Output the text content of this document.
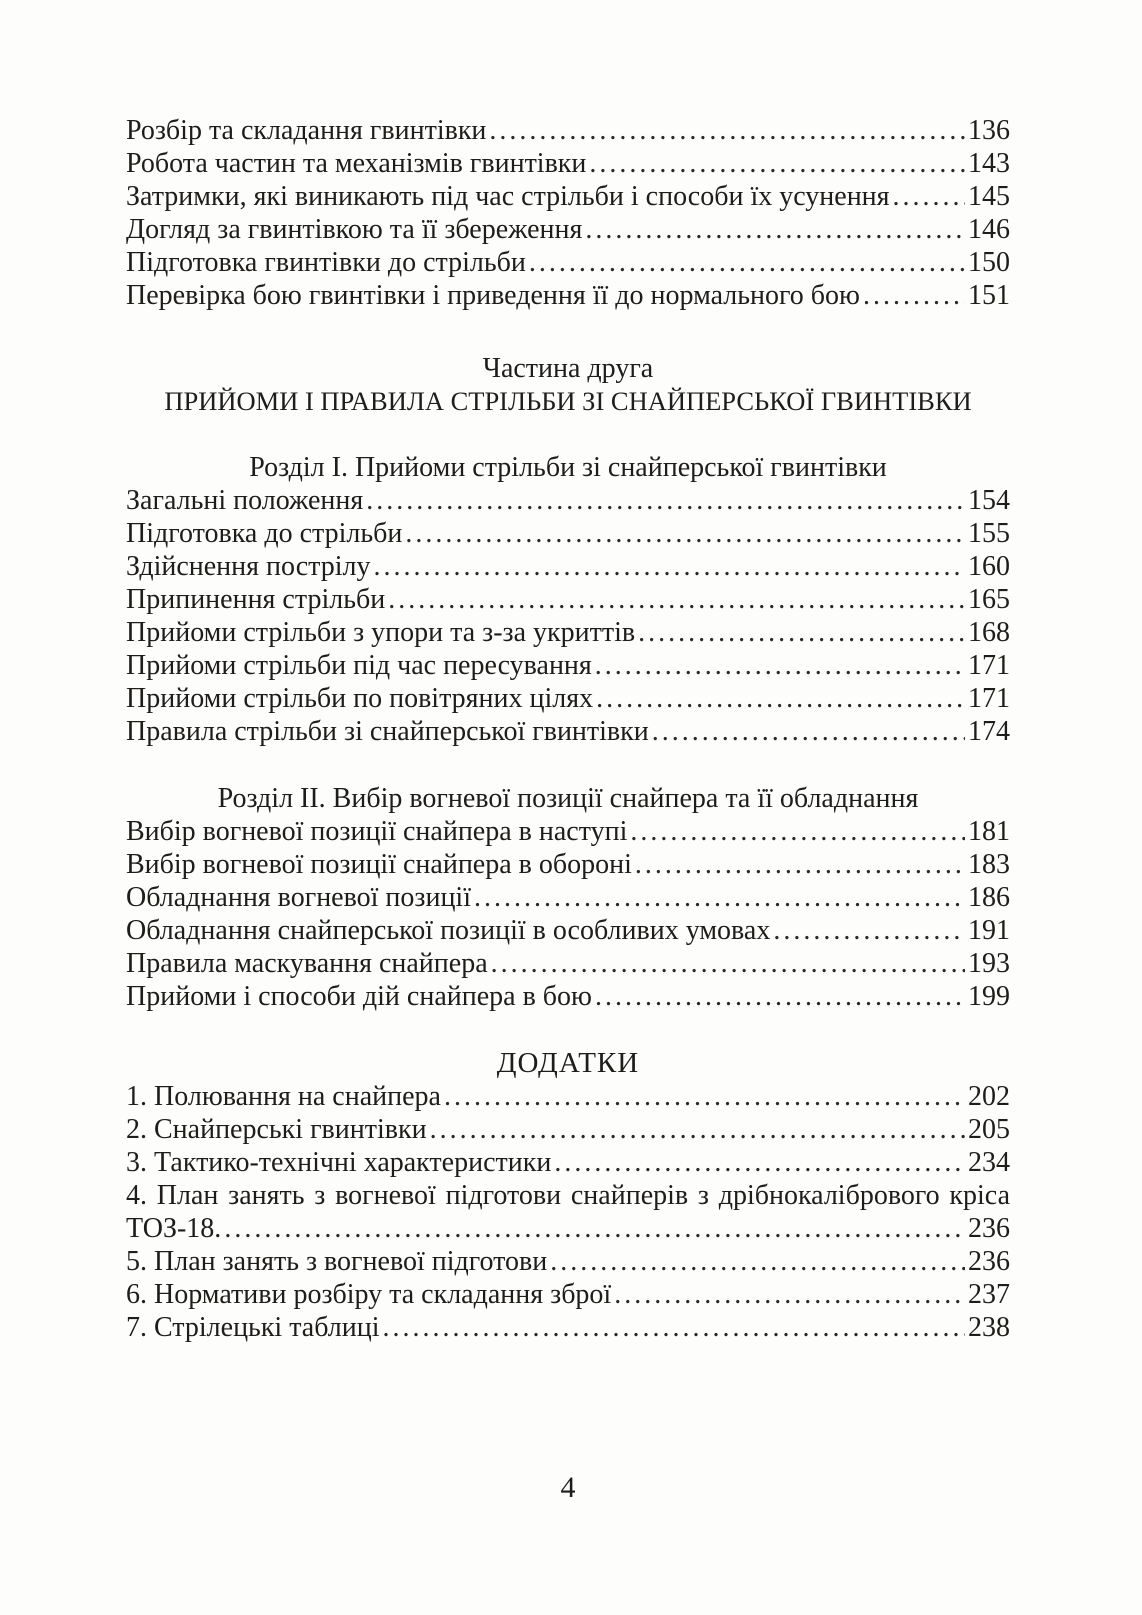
Розбір та складання гвинтівки .....	136
Робота частин та механізмів гвинтівки .....	143
Затримки, які виникають під час стрільби і способи їх усунення .....	145
Догляд за гвинтівкою та її збереження .....	146
Підготовка гвинтівки до стрільби .....	150
Перевірка бою гвинтівки і приведення її до нормального бою .....	151
Частина друга
ПРИЙОМИ І ПРАВИЛА СТРІЛЬБИ ЗІ СНАЙПЕРСЬКОЇ ГВИНТІВКИ
Розділ І. Прийоми стрільби зі снайперської гвинтівки
Загальні положення .....	154
Підготовка до стрільби .....	155
Здійснення пострілу .....	160
Припинення стрільби .....	165
Прийоми стрільби з упори та з-за укриттів .....	168
Прийоми стрільби під час пересування .....	171
Прийоми стрільби по повітряних цілях .....	171
Правила стрільби зі снайперської гвинтівки .....	174
Розділ ІІ. Вибір вогневої позиції снайпера та її обладнання
Вибір вогневої позиції снайпера в наступі .....	181
Вибір вогневої позиції снайпера в обороні .....	183
Обладнання вогневої позиції .....	186
Обладнання снайперської позиції в особливих умовах .....	191
Правила маскування снайпера .....	193
Прийоми і способи дій снайпера в бою .....	199
ДОДАТКИ
1. Полювання на снайпера .....	202
2. Снайперські гвинтівки .....	205
3. Тактико-технічні характеристики .....	234
4. План занять з вогневої підготови снайперів з дрібнокалібрового кріса
ТОЗ-18. .....	236
5. План занять з вогневої підготови .....	236
6. Нормативи розбіру та складання зброї .....	237
7. Стрілецькі таблиці .....	238
4
